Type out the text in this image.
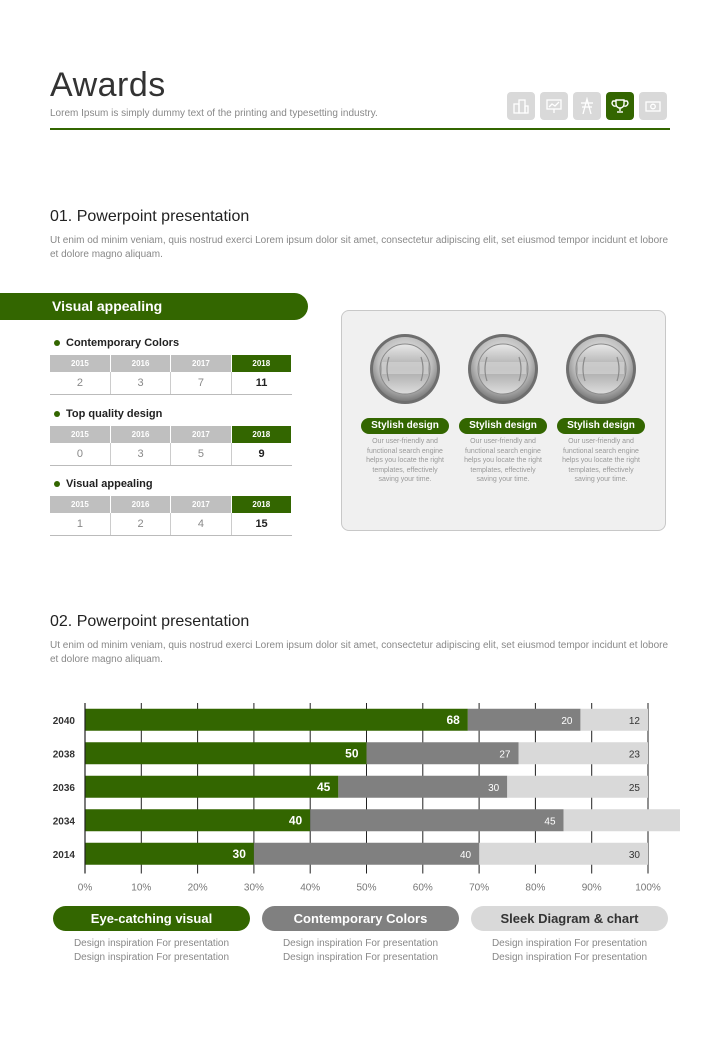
Awards
Lorem Ipsum is simply dummy text of the printing and typesetting industry.
01. Powerpoint presentation
Ut enim od minim veniam, quis nostrud exerci Lorem ipsum dolor sit amet, consectetur adipiscing elit, set eiusmod tempor incidunt et lobore et dolore magno aliquam.
Visual appealing
Contemporary Colors
2015	2016	2017	2018
2	3	7	11
Top quality design
2015	2016	2017	2018
0	3	5	9
Visual appealing
2015	2016	2017	2018
1	2	4	15
Stylish design
Our user-friendly and functional search engine helps you locate the right templates, effectively saving your time.
Stylish design
Our user-friendly and functional search engine helps you locate the right templates, effectively saving your time.
Stylish design
Our user-friendly and functional search engine helps you locate the right templates, effectively saving your time.
02. Powerpoint presentation
Ut enim od minim veniam, quis nostrud exerci Lorem ipsum dolor sit amet, consectetur adipiscing elit, set eiusmod tempor incidunt et lobore et dolore magno aliquam.
0%	10%	20%	30%	40%	50%	60%	70%	80%	90%	100%
2040	68	20	12
2038	50	27	23
2036	45	30	25
2034	40	45
2014	30	40	30
Eye-catching visual
Design inspiration For presentation
Design inspiration For presentation
Contemporary Colors
Design inspiration For presentation
Design inspiration For presentation
Sleek Diagram & chart
Design inspiration For presentation
Design inspiration For presentation
